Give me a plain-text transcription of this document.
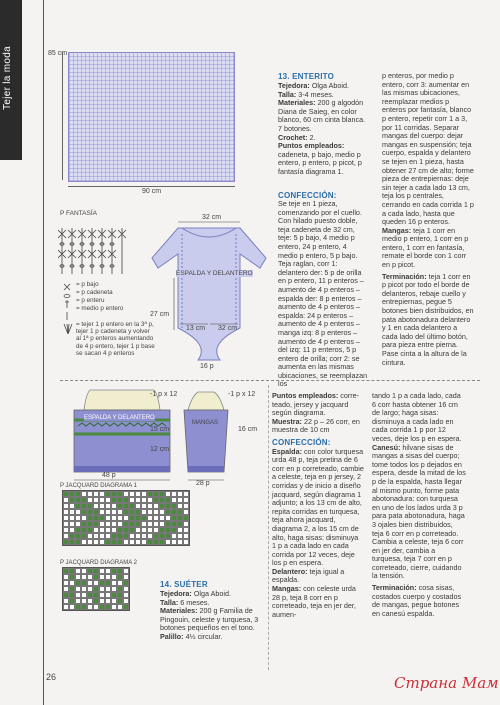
Tejer la moda	85 cm
90 cm
P FANTASÍA
= p bajo
= p cadeneta
= p enteru
= medio p entero
= tejer 1 p entero en la 3ª p, tejer 1 p cadeneta y volver al 1ª p enteros aumentando de 4 p entero, tejer 1 p base se sacan 4 p enteros
32 cm
ESPALDA Y DELANTERO
27 cm
13 cm 32 cm
16 p
13. ENTERITO
Tejedora: Olga Aboid.
Talla: 3-4 meses.
Materiales: 200 g algodón Diana de Saieg, en color blanco, 60 cm cinta blanca. 7 botones.
Crochet: 2.
Puntos empleados: cadeneta, p bajo, medio p entero, p entero, p picot, p fantasía diagrama 1.
CONFECCIÓN:
Se teje en 1 pieza, comenzando por el cuello. Con hilado puesto doble, teja cadeneta de 32 cm, teje: 5 p bajo, 4 medio p entero, 24 p entero, 4 medio p entero, 5 p bajo. Teja raglan, corr 1: delantero der: 5 p de orilla en p entero, 11 p enteros – aumento de 4 p enteros – espalda der: 8 p enteros – aumento de 4 p enteros – espalda: 24 p enteros – aumento de 4 p enteros – manga izq: 8 p enteros – aumento de 4 p enteros – del izq: 11 p enteros, 5 p entero de orilla; corr 2: se aumenta en las mismas ubicaciones, se reemplazan los
p enteros, por medio p entero, corr 3: aumentar en las mismas ubicaciones, reemplazar medios p enteros por fantasía, blanco p entero, repetir corr 1 a 3, por 11 corridas. Separar mangas del cuerpo: dejar mangas en suspensión; teja cuerpo, espalda y delantero se tejen en 1 pieza, hasta obtener 27 cm de alto; forme pieza de entrepiernas: deje sin tejer a cada lado 13 cm, teja los p centrales, cerrando en cada corrida 1 p a cada lado, hasta que queden 16 p enteros.
Mangas: teja 1 corr en medio p entero, 1 corr en p entero, 1 corr en fantasía, remate el borde con 1 corr en p picot.
Terminación: teja 1 corr en p picot por todo el borde de delanteros, rebaje cuello y entrepiernas, pegue 5 botones bien distribuidos, en pata abotonadura delantero y 1 en cada delantero a cada lado del último botón, para pieza entre pierna. Pase cinta a la altura de la cintura.
ESPALDA Y DELANTERO
MANGAS
-1 p x 12
15 cm
12 cm
48 p
-1 p x 12
16 cm
28 p
P JACQUARD DIAGRAMA 1
P JACQUARD DIAGRAMA 2
14. SUÉTER
Tejedora: Olga Aboid.
Talla: 6 meses.
Materiales: 200 g Familia de Pingouin, celeste y turquesa, 3 botones pequeños en el tono.
Palillo: 4½ circular.
Puntos empleados: corre-teado, jersey y jacquard según diagrama.
Muestra: 22 p – 26 corr, en muestra de 10 cm
CONFECCIÓN:
Espalda: con color turquesa urda 48 p, teja pretina de 6 corr en p correteado, cambie a celeste, teja en p jersey, 2 corridas y de inicio a diseño jacquard, según diagrama 1 adjunto; a los 13 cm de alto, repita corridas en turquesa, teja ahora jacquard, diagrama 2, a los 15 cm de alto, haga sisas: disminuya 1 p a cada lado en cada corrida por 12 veces, deje los p en espera.
Delantero: teja igual a espalda.
Mangas: con celeste urda 28 p, teja 8 corr en p correteado, teja en jer der, aumen-
tando 1 p a cada lado, cada 6 corr hasta obtener 16 cm de largo; haga sisas: disminuya a cada lado en cada corrida 1 p por 12 veces, deje los p en espera.
Canesú: hilvane sisas de mangas a sisas del cuerpo; tome todos los p dejados en espera, desde la mitad de los p de la espalda, hasta llegar al mismo punto, forme pata abotonadura: con turquesa en uno de los lados urda 3 p para pata abotonadura, haga 3 ojales bien distribuidos, teja 6 corr en p correteado. Cambia a celeste, teja 6 corr en jer der, cambia a turquesa, teja 7 corr en p correteado, cierre, cuidando la tensión.
Terminación: cosa sisas, costados cuerpo y costados de mangas, pegue botones en canesú espalda.
26	Страна Мам
